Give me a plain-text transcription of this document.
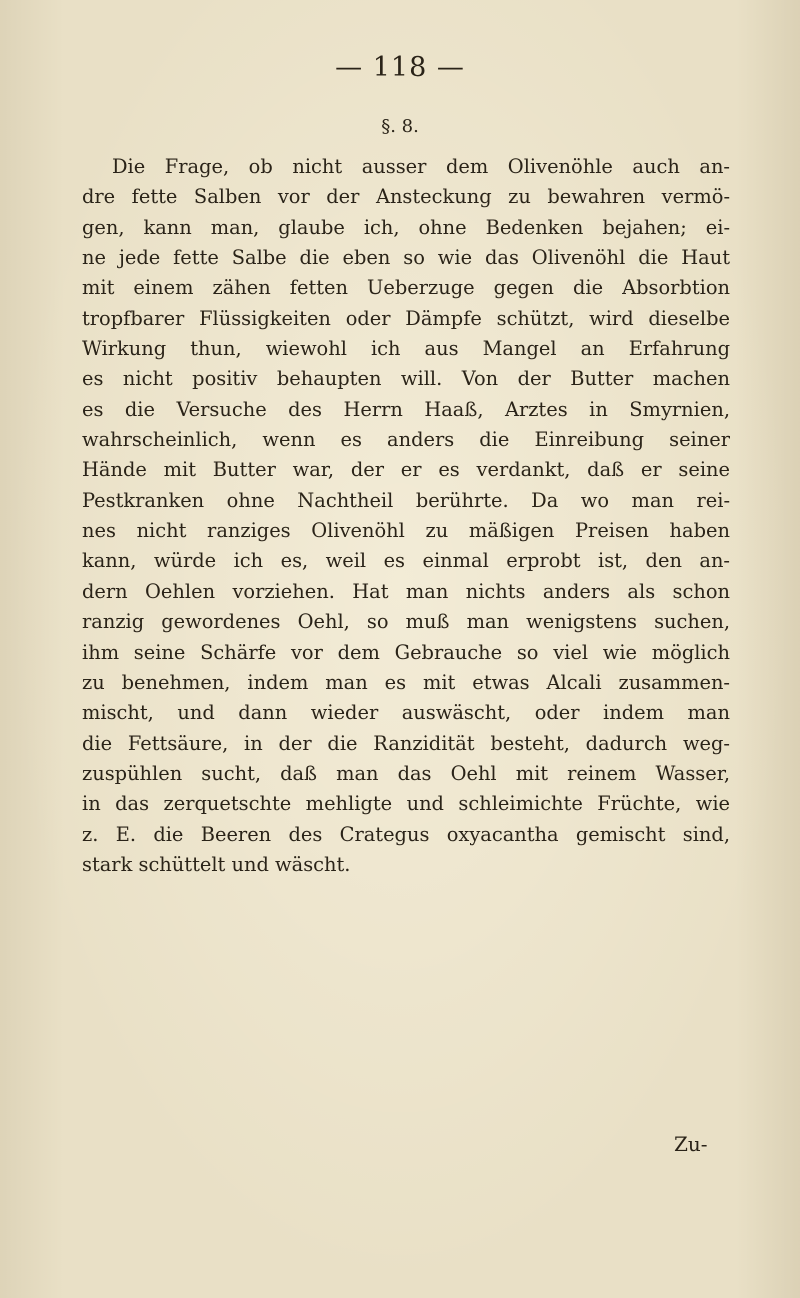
— 118 —
§. 8.
Die Frage, ob nicht ausser dem Olivenöhle auch an-
dre fette Salben vor der Ansteckung zu bewahren vermö-
gen, kann man, glaube ich, ohne Bedenken bejahen; ei-
ne jede fette Salbe die eben so wie das Olivenöhl die Haut
mit einem zähen fetten Ueberzuge gegen die Absorbtion
tropfbarer Flüssigkeiten oder Dämpfe schützt, wird dieselbe
Wirkung thun, wiewohl ich aus Mangel an Erfahrung
es nicht positiv behaupten will. Von der Butter machen
es die Versuche des Herrn Haaß, Arztes in Smyrnien,
wahrscheinlich, wenn es anders die Einreibung seiner
Hände mit Butter war, der er es verdankt, daß er seine
Pestkranken ohne Nachtheil berührte. Da wo man rei-
nes nicht ranziges Olivenöhl zu mäßigen Preisen haben
kann, würde ich es, weil es einmal erprobt ist, den an-
dern Oehlen vorziehen. Hat man nichts anders als schon
ranzig gewordenes Oehl, so muß man wenigstens suchen,
ihm seine Schärfe vor dem Gebrauche so viel wie möglich
zu benehmen, indem man es mit etwas Alcali zusammen-
mischt, und dann wieder auswäscht, oder indem man
die Fettsäure, in der die Ranzidität besteht, dadurch weg-
zuspühlen sucht, daß man das Oehl mit reinem Wasser,
in das zerquetschte mehligte und schleimichte Früchte, wie
z. E. die Beeren des Crategus oxyacantha gemischt sind,
stark schüttelt und wäscht.
Zu-
